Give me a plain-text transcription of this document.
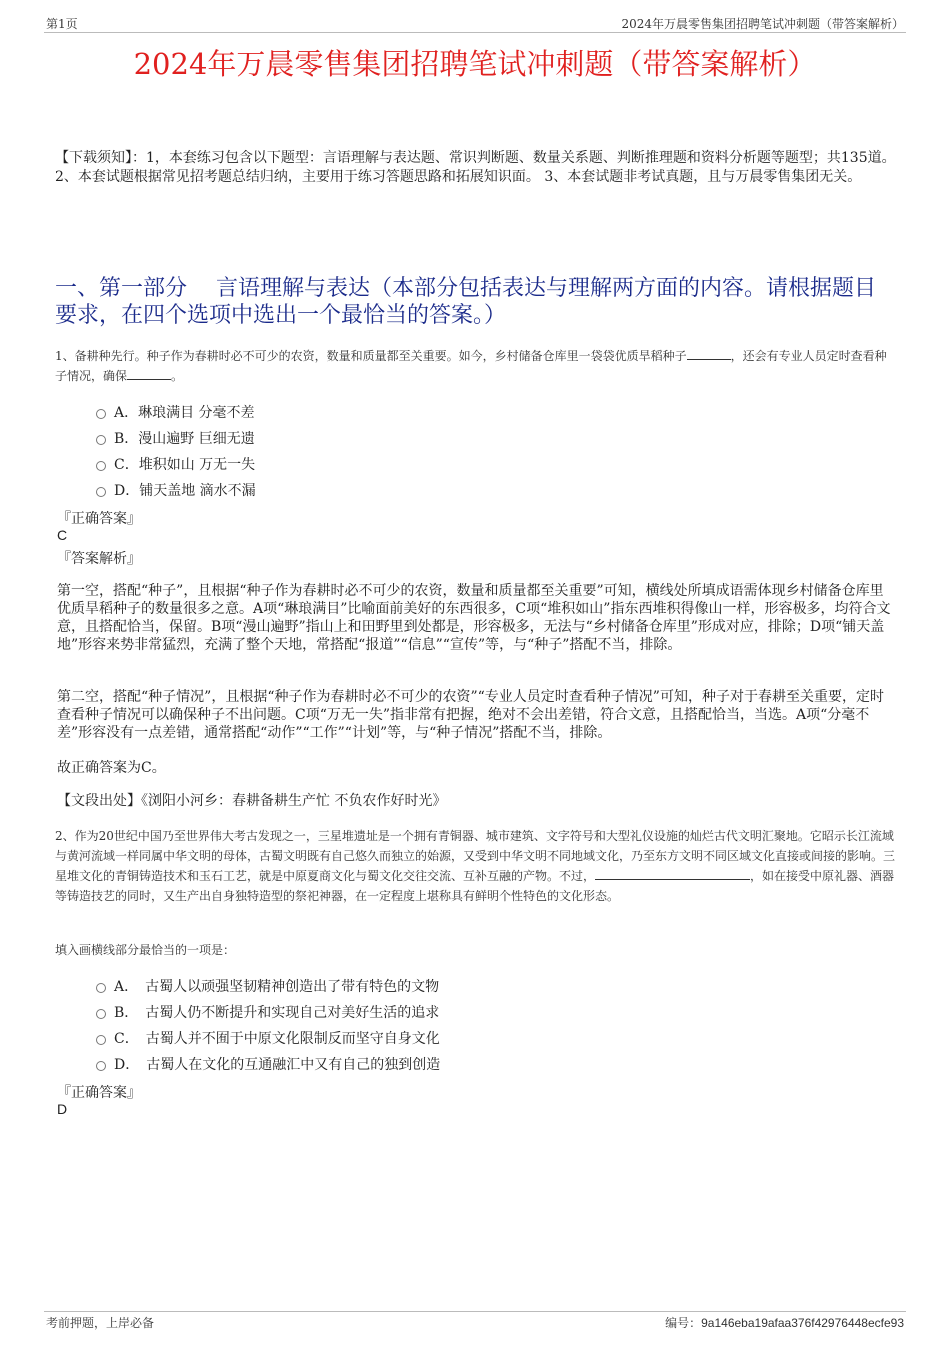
第1页	2024年万晨零售集团招聘笔试冲刺题（带答案解析）
2024年万晨零售集团招聘笔试冲刺题（带答案解析）
【下载须知】：1，本套练习包含以下题型：言语理解与表达题、常识判断题、数量关系题、判断推理题和资料分析题等题型；共135道。 2、本套试题根据常见招考题总结归纳，主要用于练习答题思路和拓展知识面。 3、本套试题非考试真题，且与万晨零售集团无关。
一、第一部分　 言语理解与表达（本部分包括表达与理解两方面的内容。请根据题目要求，在四个选项中选出一个最恰当的答案。）
1、备耕种先行。种子作为春耕时必不可少的农资，数量和质量都至关重要。如今，乡村储备仓库里一袋袋优质旱稻种子	，还会有专业人员定时查看种子情况，确保	。
A．琳琅满目 分毫不差
B．漫山遍野 巨细无遗
C．堆积如山 万无一失
D．铺天盖地 滴水不漏
『正确答案』
C
『答案解析』
第一空，搭配“种子”，且根据“种子作为春耕时必不可少的农资，数量和质量都至关重要”可知，横线处所填成语需体现乡村储备仓库里优质旱稻种子的数量很多之意。A项“琳琅满目”比喻面前美好的东西很多，C项“堆积如山”指东西堆积得像山一样，形容极多，均符合文意，且搭配恰当，保留。B项“漫山遍野”指山上和田野里到处都是，形容极多，无法与“乡村储备仓库里”形成对应，排除；D项“铺天盖地”形容来势非常猛烈，充满了整个天地，常搭配“报道”“信息”“宣传”等，与“种子”搭配不当，排除。
第二空，搭配“种子情况”，且根据“种子作为春耕时必不可少的农资”“专业人员定时查看种子情况”可知，种子对于春耕至关重要，定时查看种子情况可以确保种子不出问题。C项“万无一失”指非常有把握，绝对不会出差错，符合文意，且搭配恰当，当选。A项“分毫不差”形容没有一点差错，通常搭配“动作”“工作”“计划”等，与“种子情况”搭配不当，排除。
故正确答案为C。
【文段出处】《浏阳小河乡：春耕备耕生产忙 不负农作好时光》
2、作为20世纪中国乃至世界伟大考古发现之一，三星堆遗址是一个拥有青铜器、城市建筑、文字符号和大型礼仪设施的灿烂古代文明汇聚地。它昭示长江流域与黄河流域一样同属中华文明的母体，古蜀文明既有自己悠久而独立的始源，又受到中华文明不同地域文化，乃至东方文明不同区域文化直接或间接的影响。三星堆文化的青铜铸造技术和玉石工艺，就是中原夏商文化与蜀文化交往交流、互补互融的产物。不过，	，如在接受中原礼器、酒器等铸造技艺的同时，又生产出自身独特造型的祭祀神器，在一定程度上堪称具有鲜明个性特色的文化形态。
填入画横线部分最恰当的一项是：
A．　古蜀人以顽强坚韧精神创造出了带有特色的文物
B．　古蜀人仍不断提升和实现自己对美好生活的追求
C．　古蜀人并不囿于中原文化限制反而坚守自身文化
D．　古蜀人在文化的互通融汇中又有自己的独到创造
『正确答案』
D
考前押题，上岸必备	编号：9a146eba19afaa376f42976448ecfe93
